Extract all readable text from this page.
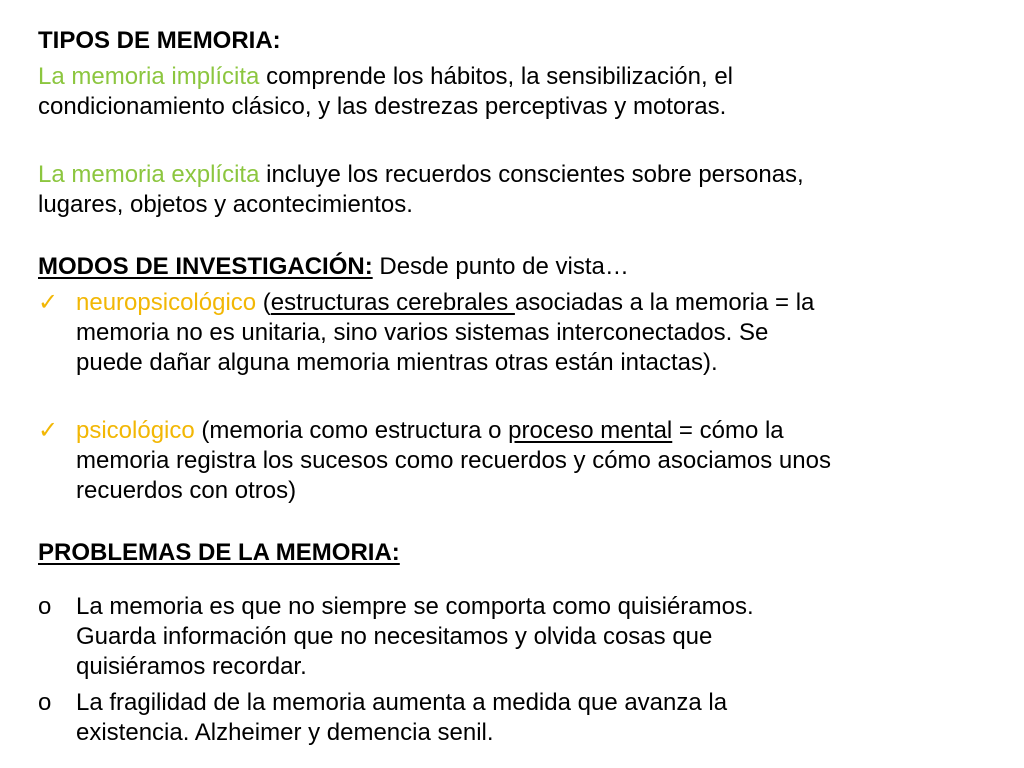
TIPOS DE MEMORIA:
La memoria implícita comprende los hábitos, la sensibilización, el condicionamiento clásico, y las destrezas perceptivas y motoras.
La memoria explícita incluye los recuerdos conscientes sobre personas, lugares, objetos y acontecimientos.
MODOS DE INVESTIGACIÓN: Desde punto de vista…
✓ neuropsicológico (estructuras cerebrales asociadas a la memoria = la memoria no es unitaria, sino varios sistemas interconectados. Se puede dañar alguna memoria mientras otras están intactas).
✓ psicológico (memoria como estructura o proceso mental = cómo la memoria registra los sucesos como recuerdos y cómo asociamos unos recuerdos con otros)
PROBLEMAS DE LA MEMORIA:
o La memoria es que no siempre se comporta como quisiéramos. Guarda información que no necesitamos y olvida cosas que quisiéramos recordar.
o La fragilidad de la memoria aumenta a medida que avanza la existencia. Alzheimer y demencia senil.
